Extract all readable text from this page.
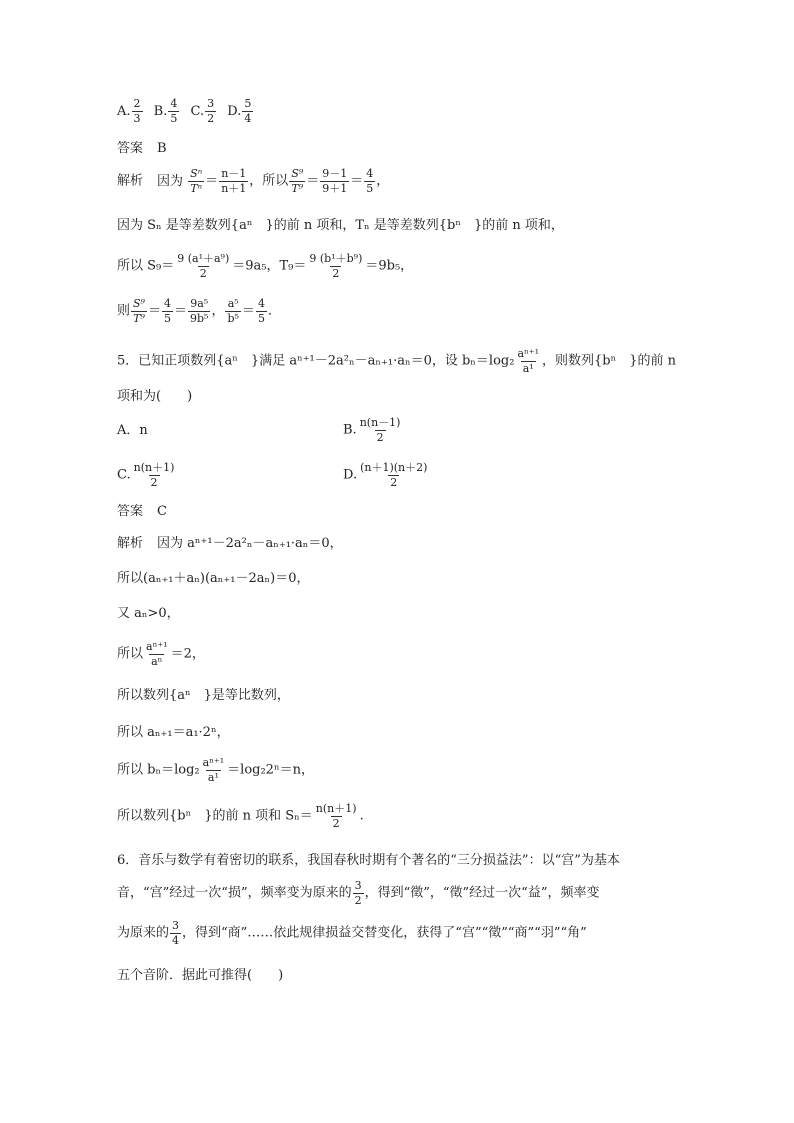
A. $\frac{2}{3} B$. $\frac{4}{5} C$. $\frac{3}{2} D$. $\frac{5}{4}$
答案 B
解析 因为 $\frac{\text{Sⁿ}}{\text{Tⁿ}} = \frac{n-1}{n+1}$ ，所以 $\frac{\text{S⁹}}{\text{T⁹}} = \frac{9-1}{9+1} = \frac{4}{5}$ ，
因为 Sₙ 是等差数列{aⁿ　}的前 n 项和，Tₙ 是等差数列{bⁿ　}的前 n 项和，
所以 $S_9= \frac{\text{9 (a¹＋a⁹)}}{2} =9a_5$，$T_9= \frac{\text{9 (b¹＋b⁹)}}{2} =9b_5$，
则 $\frac{\text{S⁹}}{\text{T⁹}} = \frac{4}{5} = \frac{\text{9a⁵}}{\text{9b⁵}}$ ， $\frac{\text{a⁵}}{\text{b⁵}} = \frac{4}{5}$ ．
5．已知正项数列{aⁿ　}满足 aⁿ⁺¹－2a²ₙ－aₙ₊₁·aₙ＝0，设 $b_n=\log_2 \frac{\text{aⁿ⁺¹}}{\text{a¹}}$ ，则数列{bⁿ　}的前 n
项和为(　　)
A．n	B. $\frac{n(n-1)}{2}$
C. $\frac{n(n+1)}{2}$	D. $\frac{(n+1)(n+2)}{2}$
答案 C
解析 因为 aⁿ⁺¹－2a²ₙ－aₙ₊₁·aₙ＝0，
所以(aₙ₊₁＋aₙ)(aₙ₊₁－2aₙ)＝0，
又 aₙ>0，
所以 $\frac{\text{aⁿ⁺¹}}{\text{aⁿ}} =2$，
所以数列{aⁿ　}是等比数列，
所以 aₙ₊₁＝a₁·2ⁿ，
所以 $b_n=\log_2 \frac{\text{aⁿ⁺¹}}{\text{a¹}} =\log_22^n=n$，
所以数列{bⁿ　}的前 n 项和 $S_n= \frac{n(n+1)}{2}$ .
6．音乐与数学有着密切的联系，我国春秋时期有个著名的“三分损益法”：以“宫”为基本
音，“宫”经过一次“损”，频率变为原来的 $\frac{3}{2}$ ，得到“徵”，“徵”经过一次“益”，频率变
为原来的 $\frac{3}{4}$ ，得到“商”……依此规律损益交替变化，获得了“宫”“徵”“商”“羽”“角”
五个音阶．据此可推得(　　)
